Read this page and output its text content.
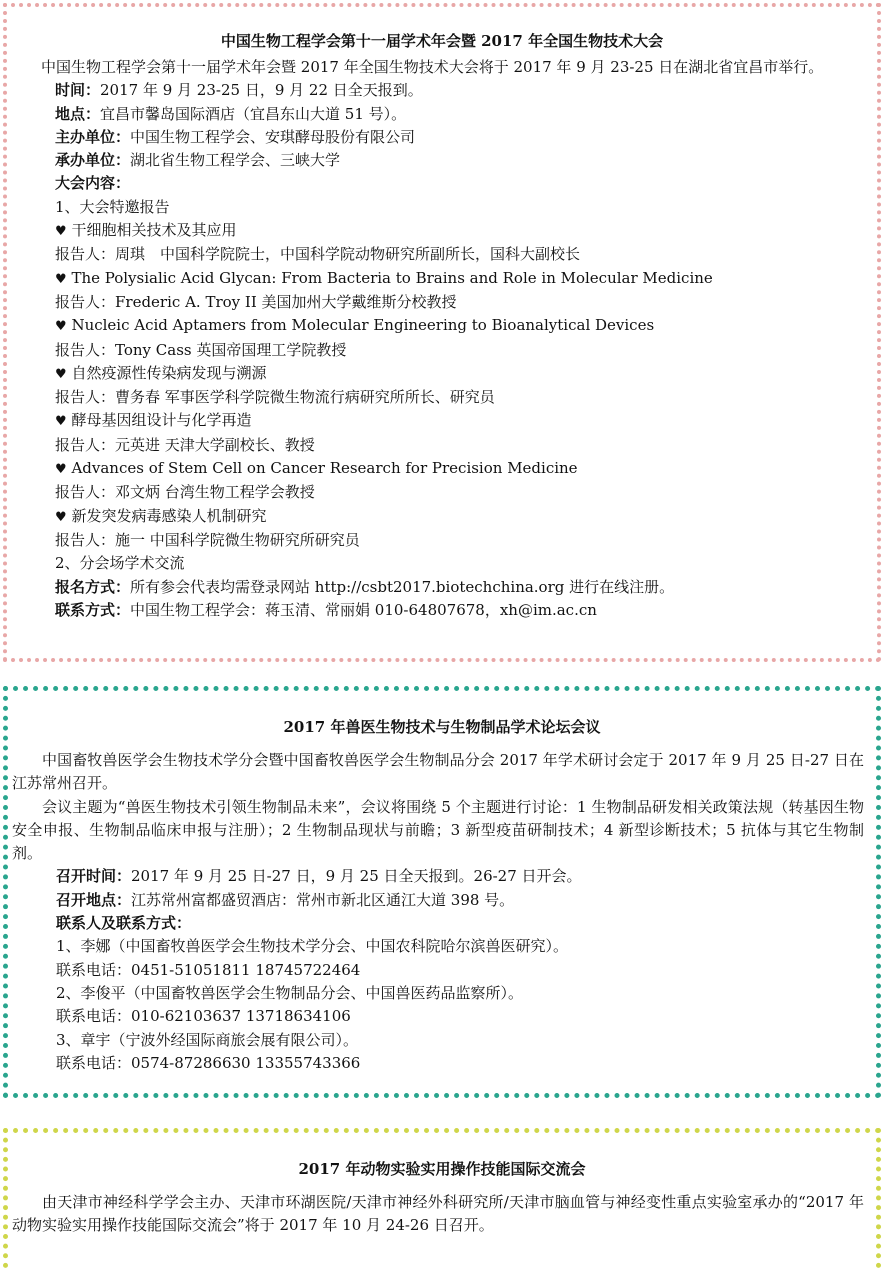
中国生物工程学会第十一届学术年会暨 2017 年全国生物技术大会
中国生物工程学会第十一届学术年会暨 2017 年全国生物技术大会将于 2017 年 9 月 23-25 日在湖北省宜昌市举行。
时间：2017 年 9 月 23-25 日，9 月 22 日全天报到。
地点：宜昌市馨岛国际酒店（宜昌东山大道 51 号）。
主办单位：中国生物工程学会、安琪酵母股份有限公司
承办单位：湖北省生物工程学会、三峡大学
大会内容：
1、大会特邀报告
♥ 干细胞相关技术及其应用
报告人：周琪　中国科学院院士，中国科学院动物研究所副所长，国科大副校长
♥ The Polysialic Acid Glycan: From Bacteria to Brains and Role in Molecular Medicine
报告人：Frederic A. Troy II 美国加州大学戴维斯分校教授
♥ Nucleic Acid Aptamers from Molecular Engineering to Bioanalytical Devices
报告人：Tony Cass 英国帝国理工学院教授
♥ 自然疫源性传染病发现与溯源
报告人：曹务春 军事医学科学院微生物流行病研究所所长、研究员
♥ 酵母基因组设计与化学再造
报告人：元英进 天津大学副校长、教授
♥ Advances of Stem Cell on Cancer Research for Precision Medicine
报告人：邓文炳 台湾生物工程学会教授
♥ 新发突发病毒感染人机制研究
报告人：施一 中国科学院微生物研究所研究员
2、分会场学术交流
报名方式：所有参会代表均需登录网站 http://csbt2017.biotechchina.org 进行在线注册。
联系方式：中国生物工程学会：蒋玉清、常丽娟 010-64807678，xh@im.ac.cn
2017 年兽医生物技术与生物制品学术论坛会议
中国畜牧兽医学会生物技术学分会暨中国畜牧兽医学会生物制品分会 2017 年学术研讨会定于 2017 年 9 月 25 日-27 日在江苏常州召开。
会议主题为“兽医生物技术引领生物制品未来”，会议将围绕 5 个主题进行讨论：1 生物制品研发相关政策法规（转基因生物安全申报、生物制品临床申报与注册）；2 生物制品现状与前瞻；3 新型疫苗研制技术；4 新型诊断技术；5 抗体与其它生物制剂。
召开时间：2017 年 9 月 25 日-27 日，9 月 25 日全天报到。26-27 日开会。
召开地点：江苏常州富都盛贸酒店：常州市新北区通江大道 398 号。
联系人及联系方式：
1、李娜（中国畜牧兽医学会生物技术学分会、中国农科院哈尔滨兽医研究）。
联系电话：0451-51051811 18745722464
2、李俊平（中国畜牧兽医学会生物制品分会、中国兽医药品监察所）。
联系电话：010-62103637 13718634106
3、章宇（宁波外经国际商旅会展有限公司）。
联系电话：0574-87286630 13355743366
2017 年动物实验实用操作技能国际交流会
由天津市神经科学学会主办、天津市环湖医院/天津市神经外科研究所/天津市脑血管与神经变性重点实验室承办的“2017 年动物实验实用操作技能国际交流会”将于 2017 年 10 月 24-26 日召开。
